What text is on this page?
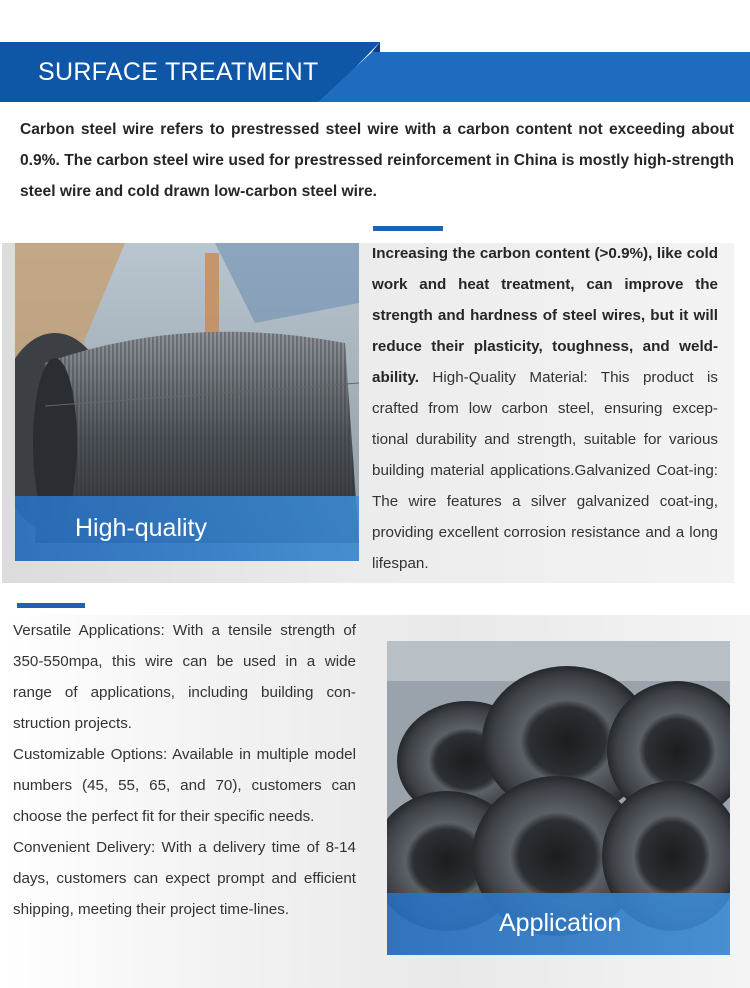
SURFACE TREATMENT

Carbon steel wire refers to prestressed steel wire with a carbon content not exceeding about 0.9%. The carbon steel wire used for prestressed reinforcement in China is mostly high-strength steel wire and cold drawn low-carbon steel wire.

High-quality

Increasing the carbon content (>0.9%), like cold work and heat treatment, can improve the strength and hardness of steel wires, but it will reduce their plasticity, toughness, and weld-ability. High-Quality Material: This product is crafted from low carbon steel, ensuring excep-tional durability and strength, suitable for various building material applications.Galvanized Coat-ing: The wire features a silver galvanized coat-ing, providing excellent corrosion resistance and a long lifespan.

Versatile Applications: With a tensile strength of 350-550mpa, this wire can be used in a wide range of applications, including building con-struction projects.

Customizable Options: Available in multiple model numbers (45, 55, 65, and 70), customers can choose the perfect fit for their specific needs.

Convenient Delivery: With a delivery time of 8-14 days, customers can expect prompt and efficient shipping, meeting their project time-lines.	Application
